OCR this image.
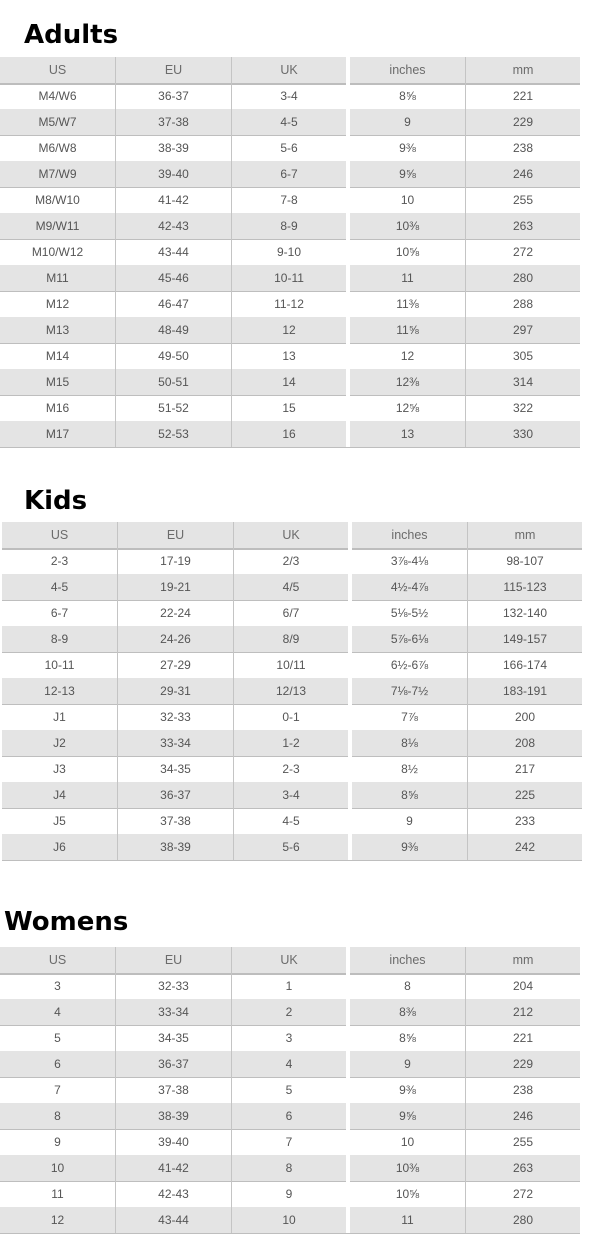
Adults
US	EU	UK	inches	mm
M4/W6	36-37	3-4	8⅝	221
M5/W7	37-38	4-5	9	229
M6/W8	38-39	5-6	9⅜	238
M7/W9	39-40	6-7	9⅝	246
M8/W10	41-42	7-8	10	255
M9/W11	42-43	8-9	10⅜	263
M10/W12	43-44	9-10	10⅝	272
M11	45-46	10-11	11	280
M12	46-47	11-12	11⅜	288
M13	48-49	12	11⅝	297
M14	49-50	13	12	305
M15	50-51	14	12⅜	314
M16	51-52	15	12⅝	322
M17	52-53	16	13	330
Kids
US	EU	UK	inches	mm
2-3	17-19	2/3	3⅞-4⅛	98-107
4-5	19-21	4/5	4½-4⅞	115-123
6-7	22-24	6/7	5⅛-5½	132-140
8-9	24-26	8/9	5⅞-6⅛	149-157
10-11	27-29	10/11	6½-6⅞	166-174
12-13	29-31	12/13	7⅛-7½	183-191
J1	32-33	0-1	7⅞	200
J2	33-34	1-2	8⅛	208
J3	34-35	2-3	8½	217
J4	36-37	3-4	8⅝	225
J5	37-38	4-5	9	233
J6	38-39	5-6	9⅜	242
Womens
US	EU	UK	inches	mm
3	32-33	1	8	204
4	33-34	2	8⅜	212
5	34-35	3	8⅝	221
6	36-37	4	9	229
7	37-38	5	9⅜	238
8	38-39	6	9⅝	246
9	39-40	7	10	255
10	41-42	8	10⅜	263
11	42-43	9	10⅝	272
12	43-44	10	11	280
